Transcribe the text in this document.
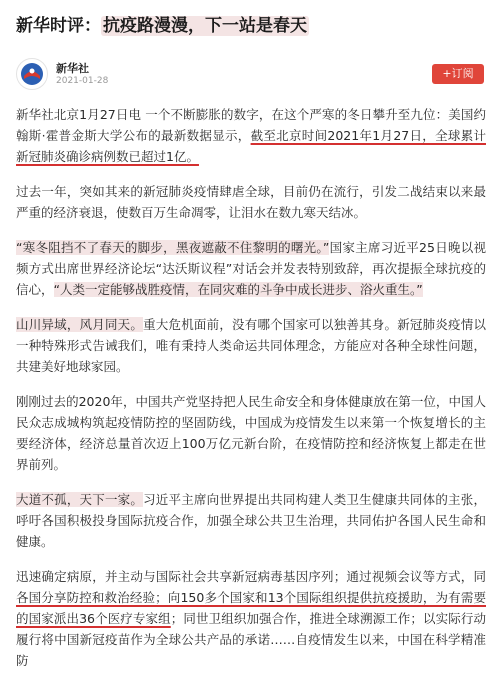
新华时评： 抗疫路漫漫，下一站是春天
新华社
2021-01-28
+订阅

新华社北京1月27日电 一个不断膨胀的数字，在这个严寒的冬日攀升至九位：美国约翰斯·霍普金斯大学公布的最新数据显示，截至北京时间2021年1月27日，全球累计新冠肺炎确诊病例数已超过1亿。

过去一年，突如其来的新冠肺炎疫情肆虐全球，目前仍在流行，引发二战结束以来最严重的经济衰退，使数百万生命凋零，让泪水在数九寒天结冰。

“寒冬阻挡不了春天的脚步，黑夜遮蔽不住黎明的曙光。”国家主席习近平25日晚以视频方式出席世界经济论坛“达沃斯议程”对话会并发表特别致辞，再次提振全球抗疫的信心，“人类一定能够战胜疫情，在同灾难的斗争中成长进步、浴火重生。”

山川异域，风月同天。重大危机面前，没有哪个国家可以独善其身。新冠肺炎疫情以一种特殊形式告诫我们，唯有秉持人类命运共同体理念，方能应对各种全球性问题，共建美好地球家园。

刚刚过去的2020年，中国共产党坚持把人民生命安全和身体健康放在第一位，中国人民众志成城构筑起疫情防控的坚固防线，中国成为疫情发生以来第一个恢复增长的主要经济体，经济总量首次迈上100万亿元新台阶，在疫情防控和经济恢复上都走在世界前列。

大道不孤，天下一家。习近平主席向世界提出共同构建人类卫生健康共同体的主张，呼吁各国积极投身国际抗疫合作，加强全球公共卫生治理，共同佑护各国人民生命和健康。

迅速确定病原，并主动与国际社会共享新冠病毒基因序列；通过视频会议等方式，同各国分享防控和救治经验；向150多个国家和13个国际组织提供抗疫援助，为有需要的国家派出36个医疗专家组；同世卫组织加强合作，推进全球溯源工作；以实际行动履行将中国新冠疫苗作为全球公共产品的承诺……自疫情发生以来，中国在科学精准防
